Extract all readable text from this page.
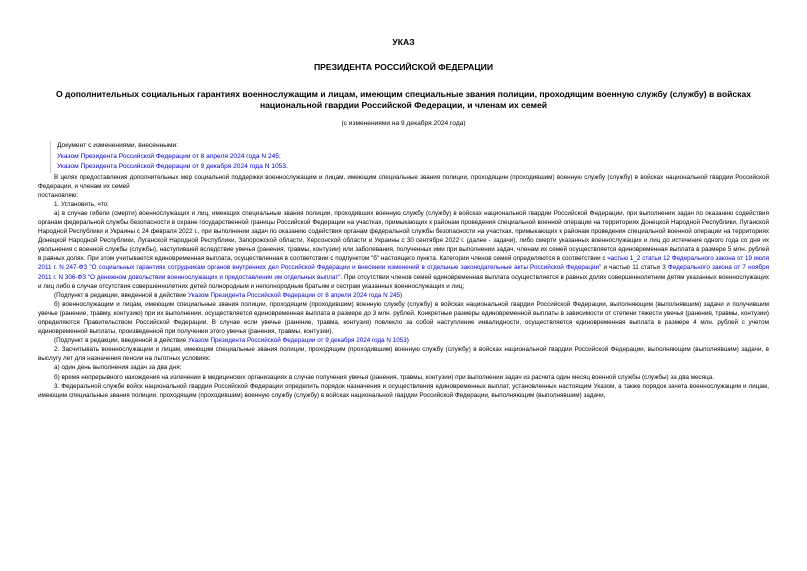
УКАЗ
ПРЕЗИДЕНТА РОССИЙСКОЙ ФЕДЕРАЦИИ
О дополнительных социальных гарантиях военнослужащим и лицам, имеющим специальные звания полиции, проходящим военную службу (службу) в войсках национальной гвардии Российской Федерации, и членам их семей
(с изменениями на 9 декабря 2024 года)
Документ с изменениями, внесенными:
Указом Президента Российской Федерации от 8 апреля 2024 года N 245;
Указом Президента Российской Федерации от 9 декабря 2024 года N 1053.

В целях предоставления дополнительных мер социальной поддержки военнослужащим и лицам, имеющим специальные звания полиции, проходящим (проходившим) военную службу (службу) в войсках национальной гвардии Российской Федерации, и членам их семей

постановляю:

1. Установить, что:

а) в случае гибели (смерти) военнослужащих и лиц, имеющих специальные звания полиции, проходивших военную службу (службу) в войсках национальной гвардии Российской Федерации, при выполнении задач по оказанию содействия органам федеральной службы безопасности в охране государственной границы Российской Федерации на участках, примыкающих к районам проведения специальной военной операции на территориях Донецкой Народной Республики, Луганской Народной Республики и Украины с 24 февраля 2022 г., при выполнении задач по оказанию содействия органам федеральной службы безопасности на участках, примыкающих к районам проведения специальной военной операции на территориях Донецкой Народной Республики, Луганской Народной Республики, Запорожской области, Херсонской области и Украины с 30 сентября 2022 г. (далее - задачи), либо смерти указанных военнослужащих и лиц до истечения одного года со дня их увольнения с военной службы (службы), наступившей вследствие увечья (ранения, травмы, контузии) или заболевания, полученных ими при выполнении задач, членам их семей осуществляется единовременная выплата в размере 5 млн. рублей в равных долях. При этом учитывается единовременная выплата, осуществленная в соответствии с подпунктом "б" настоящего пункта. Категории членов семей определяются в соответствии с частью 1_2 статьи 12 Федерального закона от 19 июля 2011 г. N 247-ФЗ "О социальных гарантиях сотрудникам органов внутренних дел Российской Федерации и внесении изменений в отдельные законодательные акты Российской Федерации" и частью 11 статьи 3 Федерального закона от 7 ноября 2011 г. N 306-ФЗ "О денежном довольствии военнослужащих и предоставлении им отдельных выплат". При отсутствии членов семей единовременная выплата осуществляется в равных долях совершеннолетним детям указанных военнослужащих и лиц либо в случае отсутствия совершеннолетних детей полнородным и неполнородным братьям и сестрам указанных военнослужащих и лиц;

(Подпункт в редакции, введенной в действие Указом Президента Российской Федерации от 8 апреля 2024 года N 245)

б) военнослужащим и лицам, имеющим специальные звания полиции, проходящим (проходившим) военную службу (службу) в войсках национальной гвардии Российской Федерации, выполняющим (выполнявшим) задачи и получившим увечье (ранение, травму, контузию) при их выполнении, осуществляется единовременная выплата в размере до 3 млн. рублей. Конкретные размеры единовременной выплаты в зависимости от степени тяжести увечья (ранения, травмы, контузии) определяются Правительством Российской Федерации. В случае если увечье (ранение, травма, контузия) повлекло за собой наступление инвалидности, осуществляется единовременная выплата в размере 4 млн. рублей с учетом единовременной выплаты, произведенной при получении этого увечья (ранения, травмы, контузии).

(Подпункт в редакции, введенной в действие Указом Президента Российской Федерации от 9 декабря 2024 года N 1053)

2. Засчитывать военнослужащим и лицам, имеющим специальные звания полиции, проходящим (проходившим) военную службу (службу) в войсках национальной гвардии Российской Федерации, выполняющим (выполнявшим) задачи, в выслугу лет для назначения пенсии на льготных условиях:

а) один день выполнения задач за два дня;

б) время непрерывного нахождения на излечении в медицинских организациях в случае получения увечья (ранения, травмы, контузии) при выполнении задач из расчета один месяц военной службы (службы) за два месяца.

3. Федеральной службе войск национальной гвардии Российской Федерации определить порядок назначения и осуществления единовременных выплат, установленных настоящим Указом, а также порядок зачета военнослужащим и лицам, имеющим специальные звания полиции, проходящим (проходившим) военную службу (службу) в войсках национальной гвардии Российской Федерации, выполняющим (выполнявшим) задачи,
